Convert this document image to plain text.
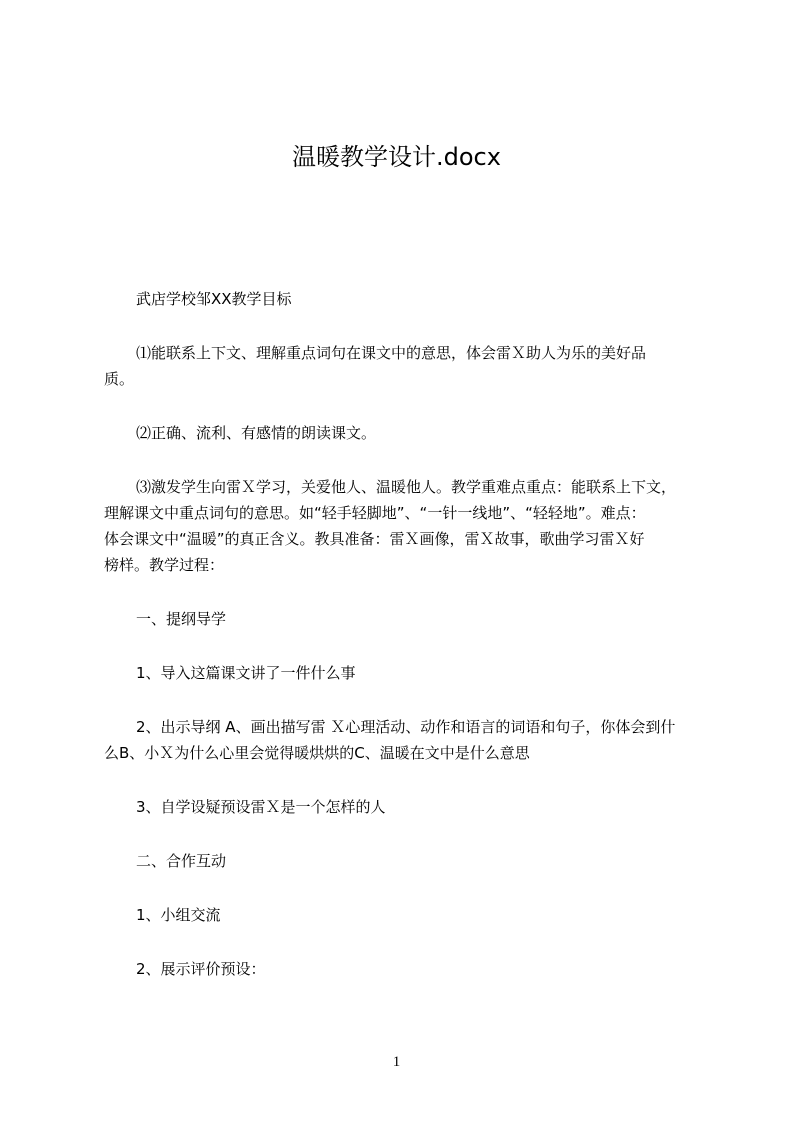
温暖教学设计.docx
武店学校邹XX教学目标
⑴能联系上下文、理解重点词句在课文中的意思，体会雷Ｘ助人为乐的美好品
质。
⑵正确、流利、有感情的朗读课文。
⑶激发学生向雷Ｘ学习，关爱他人、温暖他人。教学重难点重点：能联系上下文，
理解课文中重点词句的意思。如“轻手轻脚地”、“一针一线地”、“轻轻地”。难点：
体会课文中“温暖”的真正含义。教具准备：雷Ｘ画像，雷Ｘ故事，歌曲学习雷Ｘ好
榜样。教学过程：
一、提纲导学
1、导入这篇课文讲了一件什么事
2、出示导纲 A、画出描写雷 Ｘ心理活动、动作和语言的词语和句子，你体会到什
么B、小Ｘ为什么心里会觉得暖烘烘的C、温暖在文中是什么意思
3、自学设疑预设雷Ｘ是一个怎样的人
二、合作互动
1、小组交流
2、展示评价预设：
1
